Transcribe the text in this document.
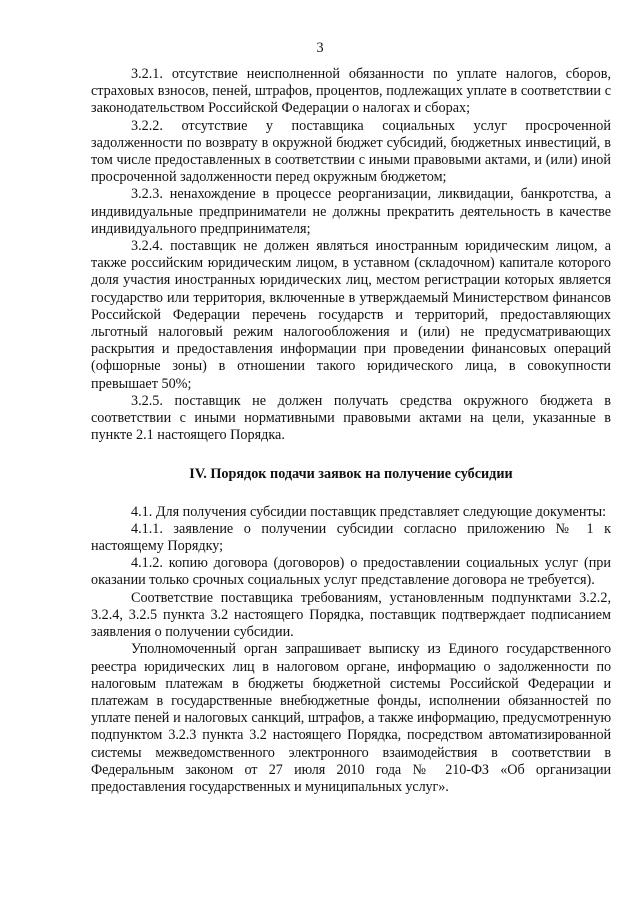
3

3.2.1. отсутствие неисполненной обязанности по уплате налогов, сборов, страховых взносов, пеней, штрафов, процентов, подлежащих уплате в соответствии с законодательством Российской Федерации о налогах и сборах;

3.2.2. отсутствие у поставщика социальных услуг просроченной задолженности по возврату в окружной бюджет субсидий, бюджетных инвестиций, в том числе предоставленных в соответствии с иными правовыми актами, и (или) иной просроченной задолженности перед окружным бюджетом;

3.2.3. ненахождение в процессе реорганизации, ликвидации, банкротства, а индивидуальные предприниматели не должны прекратить деятельность в качестве индивидуального предпринимателя;

3.2.4. поставщик не должен являться иностранным юридическим лицом, а также российским юридическим лицом, в уставном (складочном) капитале которого доля участия иностранных юридических лиц, местом регистрации которых является государство или территория, включенные в утверждаемый Министерством финансов Российской Федерации перечень государств и территорий, предоставляющих льготный налоговый режим налогообложения и (или) не предусматривающих раскрытия и предоставления информации при проведении финансовых операций (офшорные зоны) в отношении такого юридического лица, в совокупности превышает 50%;

3.2.5. поставщик не должен получать средства окружного бюджета в соответствии с иными нормативными правовыми актами на цели, указанные в пункте 2.1 настоящего Порядка.

IV. Порядок подачи заявок на получение субсидии

4.1. Для получения субсидии поставщик представляет следующие документы:

4.1.1. заявление о получении субсидии согласно приложению № 1 к настоящему Порядку;

4.1.2. копию договора (договоров) о предоставлении социальных услуг (при оказании только срочных социальных услуг представление договора не требуется).

Соответствие поставщика требованиям, установленным подпунктами 3.2.2, 3.2.4, 3.2.5 пункта 3.2 настоящего Порядка, поставщик подтверждает подписанием заявления о получении субсидии.

Уполномоченный орган запрашивает выписку из Единого государственного реестра юридических лиц в налоговом органе, информацию о задолженности по налоговым платежам в бюджеты бюджетной системы Российской Федерации и платежам в государственные внебюджетные фонды, исполнении обязанностей по уплате пеней и налоговых санкций, штрафов, а также информацию, предусмотренную подпунктом 3.2.3 пункта 3.2 настоящего Порядка, посредством автоматизированной системы межведомственного электронного взаимодействия в соответствии в Федеральным законом от 27 июля 2010 года № 210-ФЗ «Об организации предоставления государственных и муниципальных услуг».
